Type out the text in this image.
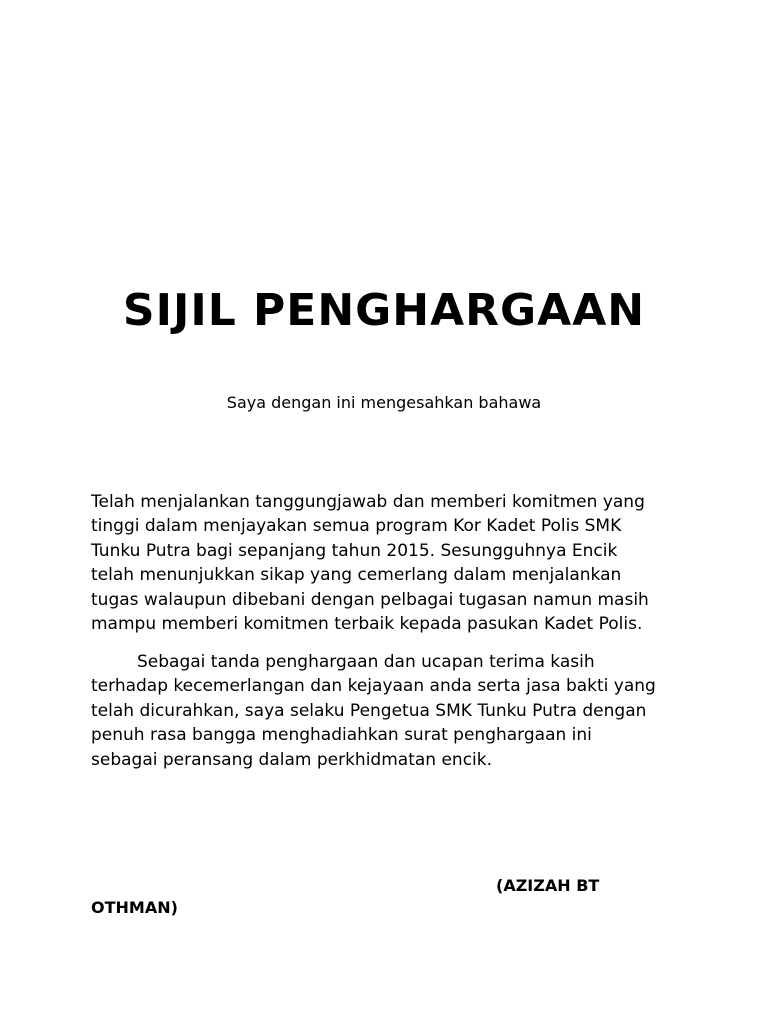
SIJIL PENGHARGAAN
Saya dengan ini mengesahkan bahawa
Telah menjalankan tanggungjawab dan memberi komitmen yang
tinggi dalam menjayakan semua program Kor Kadet Polis SMK
Tunku Putra bagi sepanjang tahun 2015. Sesungguhnya Encik
telah menunjukkan sikap yang cemerlang dalam menjalankan
tugas walaupun dibebani dengan pelbagai tugasan namun masih
mampu memberi komitmen terbaik kepada pasukan Kadet Polis.
Sebagai tanda penghargaan dan ucapan terima kasih
terhadap kecemerlangan dan kejayaan anda serta jasa bakti yang
telah dicurahkan, saya selaku Pengetua SMK Tunku Putra dengan
penuh rasa bangga menghadiahkan surat penghargaan ini
sebagai peransang dalam perkhidmatan encik.
(AZIZAH BT
OTHMAN)
